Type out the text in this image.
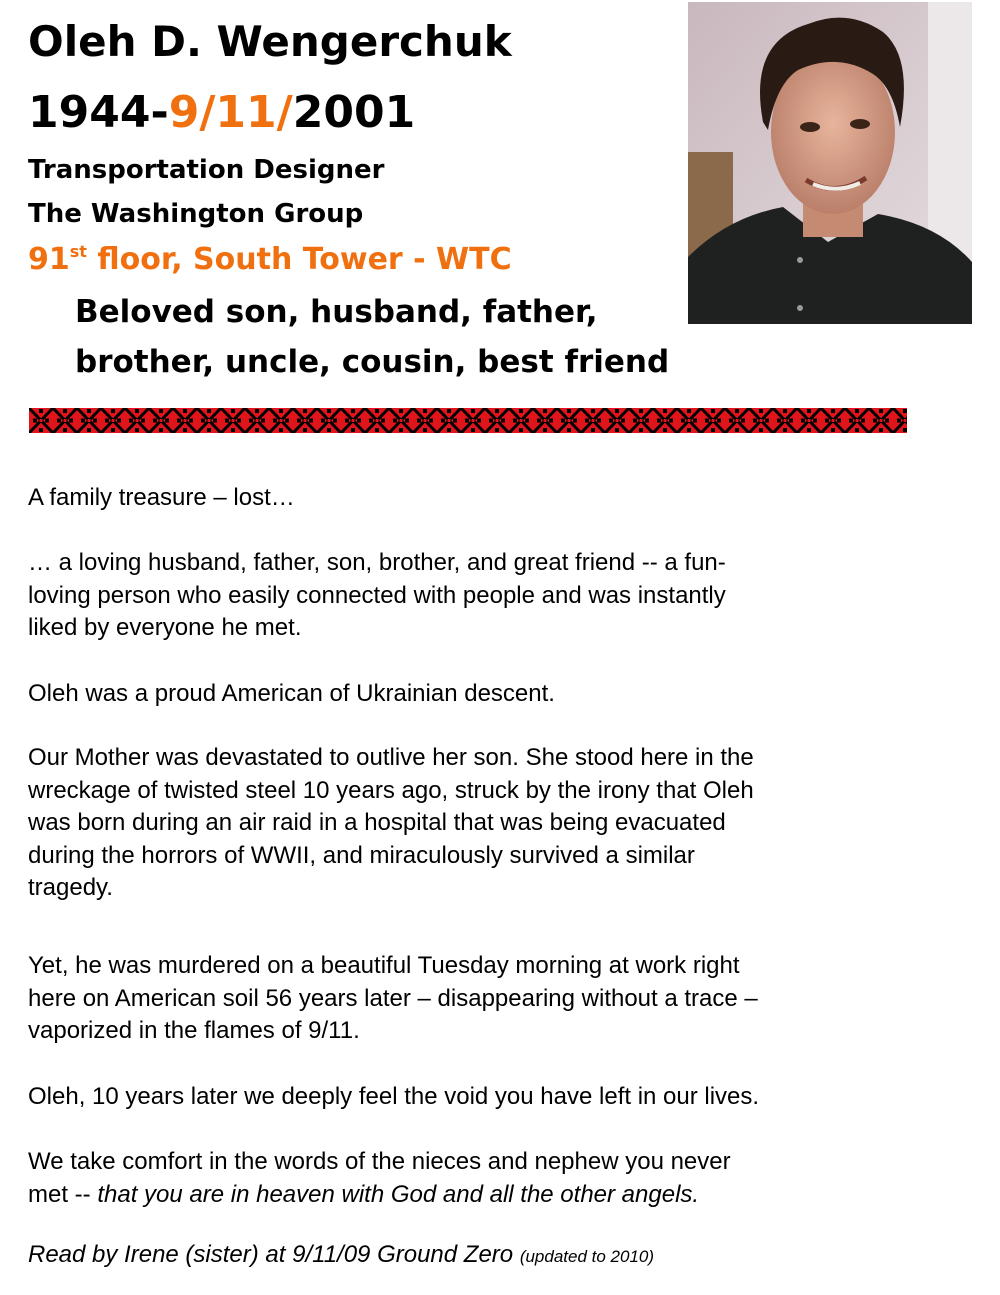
Oleh D. Wengerchuk
1944-9/11/2001
Transportation Designer
The Washington Group
91st floor, South Tower - WTC
Beloved son, husband, father,
brother, uncle, cousin, best friend

A family treasure – lost…

… a loving husband, father, son, brother, and great friend -- a fun-
loving person who easily connected with people and was instantly
liked by everyone he met.

Oleh was a proud American of Ukrainian descent.

Our Mother was devastated to outlive her son. She stood here in the
wreckage of twisted steel 10 years ago, struck by the irony that Oleh
was born during an air raid in a hospital that was being evacuated
during the horrors of WWII, and miraculously survived a similar
tragedy.

Yet, he was murdered on a beautiful Tuesday morning at work right
here on American soil 56 years later – disappearing without a trace –
vaporized in the flames of 9/11.

Oleh, 10 years later we deeply feel the void you have left in our lives.

We take comfort in the words of the nieces and nephew you never
met -- that you are in heaven with God and all the other angels.

Read by Irene (sister) at 9/11/09 Ground Zero (updated to 2010)
